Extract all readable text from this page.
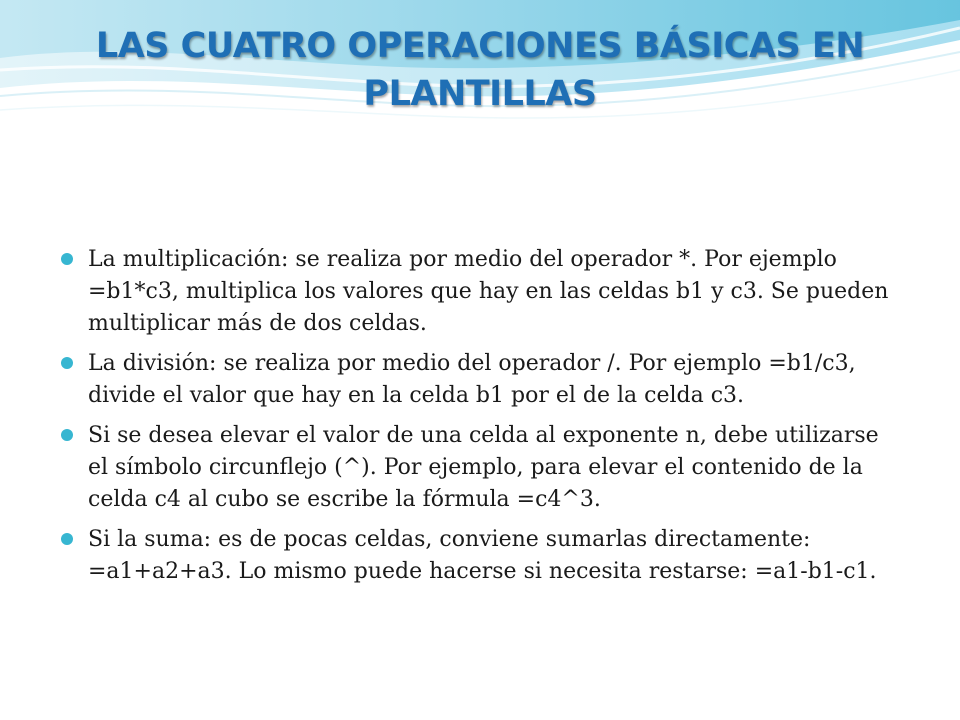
LAS CUATRO OPERACIONES BÁSICAS EN PLANTILLAS
La multiplicación: se realiza por medio del operador *. Por ejemplo =b1*c3, multiplica los valores que hay en las celdas b1 y c3. Se pueden multiplicar más de dos celdas.
La división: se realiza por medio del operador /. Por ejemplo =b1/c3, divide el valor que hay en la celda b1 por el de la celda c3.
Si se desea elevar el valor de una celda al exponente n, debe utilizarse el símbolo circunflejo (^). Por ejemplo, para elevar el contenido de la celda c4 al cubo se escribe la fórmula =c4^3.
Si la suma: es de pocas celdas, conviene sumarlas directamente: =a1+a2+a3. Lo mismo puede hacerse si necesita restarse: =a1-b1-c1.
